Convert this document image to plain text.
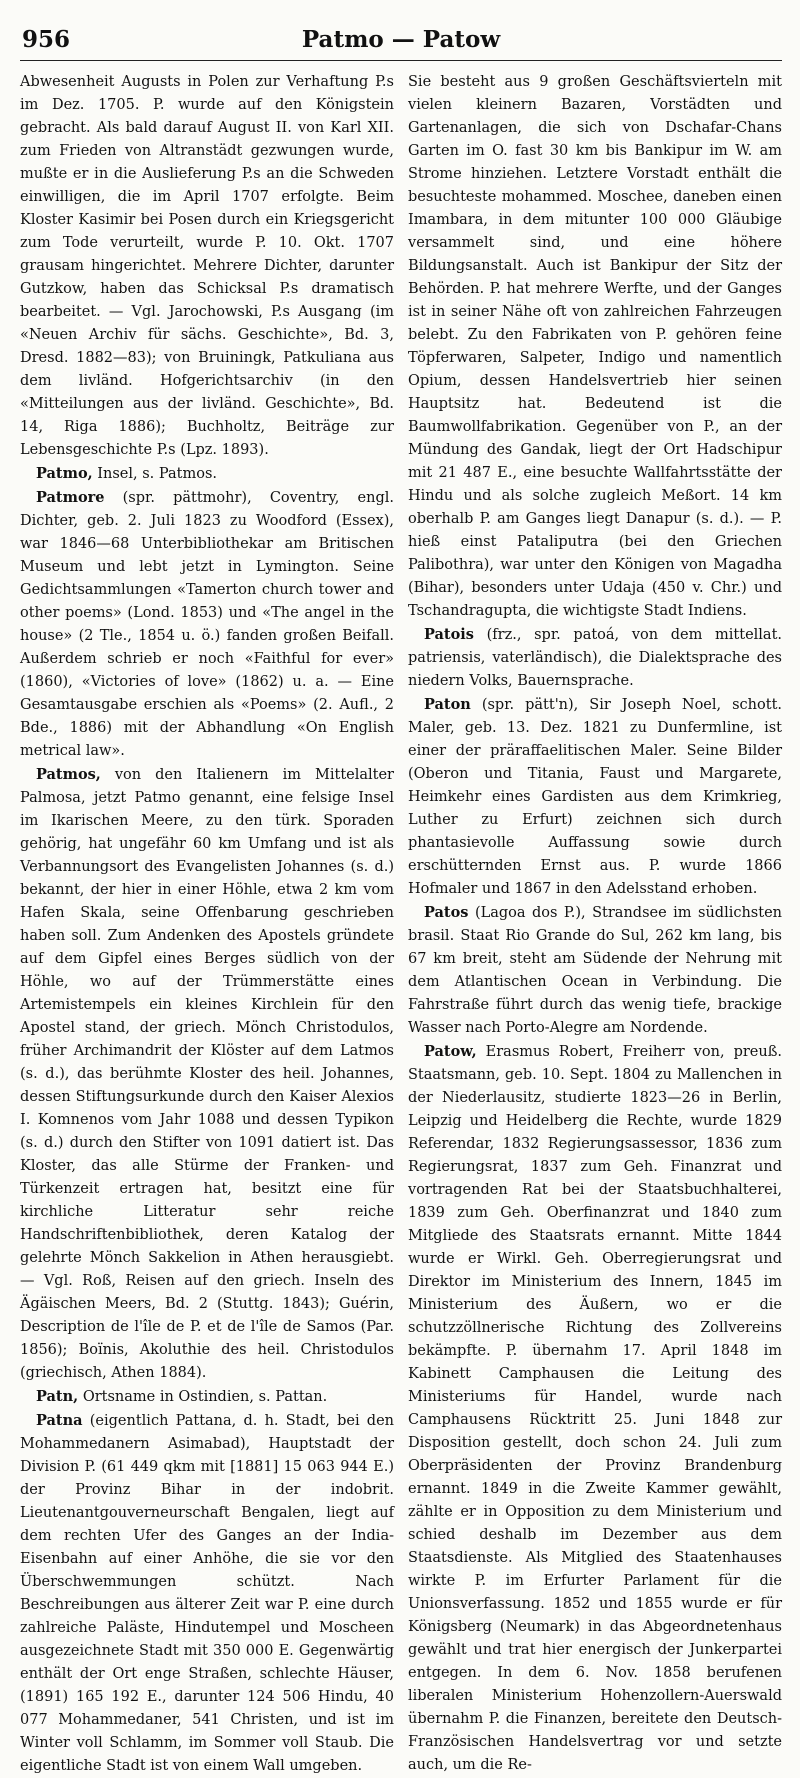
956	Patmo — Patow

Abwesenheit Augusts in Polen zur Verhaftung P.s im Dez. 1705. P. wurde auf den Königstein gebracht. Als bald darauf August II. von Karl XII. zum Frieden von Altranstädt gezwungen wurde, mußte er in die Auslieferung P.s an die Schweden einwilligen, die im April 1707 erfolgte. Beim Kloster Kasimir bei Posen durch ein Kriegsgericht zum Tode verurteilt, wurde P. 10. Okt. 1707 grausam hingerichtet. Mehrere Dichter, darunter Gutzkow, haben das Schicksal P.s dramatisch bearbeitet. — Vgl. Jarochowski, P.s Ausgang (im «Neuen Archiv für sächs. Geschichte», Bd. 3, Dresd. 1882—83); von Bruiningk, Patkuliana aus dem livländ. Hofgerichtsarchiv (in den «Mitteilungen aus der livländ. Geschichte», Bd. 14, Riga 1886); Buchholtz, Beiträge zur Lebensgeschichte P.s (Lpz. 1893).

Patmo, Insel, s. Patmos.

Patmore (spr. pättmohr), Coventry, engl. Dichter, geb. 2. Juli 1823 zu Woodford (Essex), war 1846—68 Unterbibliothekar am Britischen Museum und lebt jetzt in Lymington. Seine Gedichtsammlungen «Tamerton church tower and other poems» (Lond. 1853) und «The angel in the house» (2 Tle., 1854 u. ö.) fanden großen Beifall. Außerdem schrieb er noch «Faithful for ever» (1860), «Victories of love» (1862) u. a. — Eine Gesamtausgabe erschien als «Poems» (2. Aufl., 2 Bde., 1886) mit der Abhandlung «On English metrical law».

Patmos, von den Italienern im Mittelalter Palmosa, jetzt Patmo genannt, eine felsige Insel im Ikarischen Meere, zu den türk. Sporaden gehörig, hat ungefähr 60 km Umfang und ist als Verbannungsort des Evangelisten Johannes (s. d.) bekannt, der hier in einer Höhle, etwa 2 km vom Hafen Skala, seine Offenbarung geschrieben haben soll. Zum Andenken des Apostels gründete auf dem Gipfel eines Berges südlich von der Höhle, wo auf der Trümmerstätte eines Artemistempels ein kleines Kirchlein für den Apostel stand, der griech. Mönch Christodulos, früher Archimandrit der Klöster auf dem Latmos (s. d.), das berühmte Kloster des heil. Johannes, dessen Stiftungsurkunde durch den Kaiser Alexios I. Komnenos vom Jahr 1088 und dessen Typikon (s. d.) durch den Stifter von 1091 datiert ist. Das Kloster, das alle Stürme der Franken- und Türkenzeit ertragen hat, besitzt eine für kirchliche Litteratur sehr reiche Handschriftenbibliothek, deren Katalog der gelehrte Mönch Sakkelion in Athen herausgiebt. — Vgl. Roß, Reisen auf den griech. Inseln des Ägäischen Meers, Bd. 2 (Stuttg. 1843); Guérin, Description de l'île de P. et de l'île de Samos (Par. 1856); Boïnis, Akoluthie des heil. Christodulos (griechisch, Athen 1884).

Patn, Ortsname in Ostindien, s. Pattan.

Patna (eigentlich Pattana, d. h. Stadt, bei den Mohammedanern Asimabad), Hauptstadt der Division P. (61 449 qkm mit [1881] 15 063 944 E.) der Provinz Bihar in der indobrit. Lieutenantgouverneurschaft Bengalen, liegt auf dem rechten Ufer des Ganges an der India-Eisenbahn auf einer Anhöhe, die sie vor den Überschwemmungen schützt. Nach Beschreibungen aus älterer Zeit war P. eine durch zahlreiche Paläste, Hindutempel und Moscheen ausgezeichnete Stadt mit 350 000 E. Gegenwärtig enthält der Ort enge Straßen, schlechte Häuser, (1891) 165 192 E., darunter 124 506 Hindu, 40 077 Mohammedaner, 541 Christen, und ist im Winter voll Schlamm, im Sommer voll Staub. Die eigentliche Stadt ist von einem Wall umgeben.

Sie besteht aus 9 großen Geschäftsvierteln mit vielen kleinern Bazaren, Vorstädten und Gartenanlagen, die sich von Dschafar-Chans Garten im O. fast 30 km bis Bankipur im W. am Strome hinziehen. Letztere Vorstadt enthält die besuchteste mohammed. Moschee, daneben einen Imambara, in dem mitunter 100 000 Gläubige versammelt sind, und eine höhere Bildungsanstalt. Auch ist Bankipur der Sitz der Behörden. P. hat mehrere Werfte, und der Ganges ist in seiner Nähe oft von zahlreichen Fahrzeugen belebt. Zu den Fabrikaten von P. gehören feine Töpferwaren, Salpeter, Indigo und namentlich Opium, dessen Handelsvertrieb hier seinen Hauptsitz hat. Bedeutend ist die Baumwollfabrikation. Gegenüber von P., an der Mündung des Gandak, liegt der Ort Hadschipur mit 21 487 E., eine besuchte Wallfahrtsstätte der Hindu und als solche zugleich Meßort. 14 km oberhalb P. am Ganges liegt Danapur (s. d.). — P. hieß einst Pataliputra (bei den Griechen Palibothra), war unter den Königen von Magadha (Bihar), besonders unter Udaja (450 v. Chr.) und Tschandragupta, die wichtigste Stadt Indiens.

Patois (frz., spr. patoá, von dem mittellat. patriensis, vaterländisch), die Dialektsprache des niedern Volks, Bauernsprache.

Paton (spr. pätt'n), Sir Joseph Noel, schott. Maler, geb. 13. Dez. 1821 zu Dunfermline, ist einer der präraffaelitischen Maler. Seine Bilder (Oberon und Titania, Faust und Margarete, Heimkehr eines Gardisten aus dem Krimkrieg, Luther zu Erfurt) zeichnen sich durch phantasievolle Auffassung sowie durch erschütternden Ernst aus. P. wurde 1866 Hofmaler und 1867 in den Adelsstand erhoben.

Patos (Lagoa dos P.), Strandsee im südlichsten brasil. Staat Rio Grande do Sul, 262 km lang, bis 67 km breit, steht am Südende der Nehrung mit dem Atlantischen Ocean in Verbindung. Die Fahrstraße führt durch das wenig tiefe, brackige Wasser nach Porto-Alegre am Nordende.

Patow, Erasmus Robert, Freiherr von, preuß. Staatsmann, geb. 10. Sept. 1804 zu Mallenchen in der Niederlausitz, studierte 1823—26 in Berlin, Leipzig und Heidelberg die Rechte, wurde 1829 Referendar, 1832 Regierungsassessor, 1836 zum Regierungsrat, 1837 zum Geh. Finanzrat und vortragenden Rat bei der Staatsbuchhalterei, 1839 zum Geh. Oberfinanzrat und 1840 zum Mitgliede des Staatsrats ernannt. Mitte 1844 wurde er Wirkl. Geh. Oberregierungsrat und Direktor im Ministerium des Innern, 1845 im Ministerium des Äußern, wo er die schutzzöllnerische Richtung des Zollvereins bekämpfte. P. übernahm 17. April 1848 im Kabinett Camphausen die Leitung des Ministeriums für Handel, wurde nach Camphausens Rücktritt 25. Juni 1848 zur Disposition gestellt, doch schon 24. Juli zum Oberpräsidenten der Provinz Brandenburg ernannt. 1849 in die Zweite Kammer gewählt, zählte er in Opposition zu dem Ministerium und schied deshalb im Dezember aus dem Staatsdienste. Als Mitglied des Staatenhauses wirkte P. im Erfurter Parlament für die Unionsverfassung. 1852 und 1855 wurde er für Königsberg (Neumark) in das Abgeordnetenhaus gewählt und trat hier energisch der Junkerpartei entgegen. In dem 6. Nov. 1858 berufenen liberalen Ministerium Hohenzollern-Auerswald übernahm P. die Finanzen, bereitete den Deutsch-Französischen Handelsvertrag vor und setzte auch, um die Re-
